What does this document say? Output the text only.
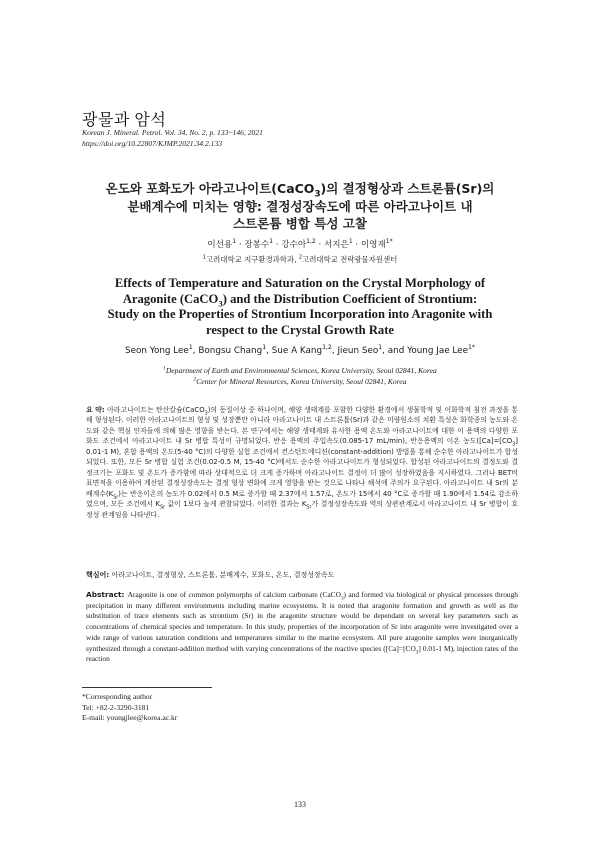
광물과 암석
Korean J. Mineral. Petrol. Vol. 34, No. 2, p. 133~146, 2021
https://doi.org/10.22807/KJMP.2021.34.2.133
온도와 포화도가 아라고나이트(CaCO$_3$)의 결정형상과 스트론튬(Sr)의
분배계수에 미치는 영향: 결정성장속도에 따른 아라고나이트 내
스트론튬 병합 특성 고찰
이선용$^1$ · 장봉수$^1$ · 강수아$^{1,2}$ · 서지은$^1$ · 이영재$^{1*}$
$^1$고려대학교 지구환경과학과, $^2$고려대학교 전략광물자원센터
Effects of Temperature and Saturation on the Crystal Morphology of
Aragonite (CaCO$_3$) and the Distribution Coefficient of Strontium:
Study on the Properties of Strontium Incorporation into Aragonite with
respect to the Crystal Growth Rate
Seon Yong Lee$^1$, Bongsu Chang$^1$, Sue A Kang$^{1,2}$, Jieun Seo$^1$, and Young Jae Lee$^{1*}$
$^1$Department of Earth and Environmental Sciences, Korea University, Seoul 02841, Korea
$^2$Center for Mineral Resources, Korea University, Seoul 02841, Korea
요 약: 아라고나이트는 탄산칼슘(CaCO$_3$)의 동질이상 중 하나이며, 해양 생태계를 포함한 다양한 환경에서 생물학적 및 이화학적 침전 과정을 통해 형성된다. 이러한 아라고나이트의 형성 및 성장뿐만 아니라 아라고나이트 내 스트론튬(Sr)과 같은 미량원소의 치환 특성은 화학종의 농도와 온도와 같은 핵심 인자들에 의해 많은 영향을 받는다. 본 연구에서는 해양 생태계와 유사한 용액 온도와 아라고나이트에 대한 이 용액의 다양한 포화도 조건에서 아라고나이트 내 Sr 병합 특성이 규명되었다. 반응 용액의 주입속도(0.085-17 mL/min), 반응용액의 이온 농도($[Ca]=[CO_3]$ 0.01-1 M), 혼합 용액의 온도(5-40 °C)의 다양한 실험 조건에서 컨스턴트에디션(constant-addition) 방법을 통해 순수한 아라고나이트가 합성되었다. 또한, 모든 Sr 병합 실험 조건(0.02-0.5 M, 15-40 °C)에서도 순수한 아라고나이트가 형성되었다. 합성된 아라고나이트의 결정도와 결정크기는 포화도 및 온도가 증가함에 따라 상대적으로 더 크게 증가하며 아라고나이트 결정이 더 많이 성장하였음을 지시하였다. 그러나 BET비표면적을 이용하여 계산된 결정성장속도는 결정 형상 변화에 크게 영향을 받는 것으로 나타나 해석에 주의가 요구된다. 아라고나이트 내 Sr의 분배계수$(K_{Sr})$는 반응이온의 농도가 0.02에서 0.5 M로 증가할 때 2.37에서 1.57로, 온도가 15에서 40 °C로 증가할 때 1.90에서 1.54로 감소하였으며, 모든 조건에서 $K_{Sr}$ 값이 1보다 높게 관찰되었다. 이러한 결과는 $K_{Sr}$가 결정성장속도와 역의 상관관계로서 아라고나이트 내 Sr 병합이 호정성 관계임을 나타낸다.
핵심어: 아라고나이트, 결정형상, 스트론튬, 분배계수, 포화도, 온도, 결정성장속도
Abstract: Aragonite is one of common polymorphs of calcium carbonate (CaCO$_3$) and formed via biological or physical processes through precipitation in many different environments including marine ecosystems. It is noted that aragonite formation and growth as well as the substitution of trace elements such as strontium (Sr) in the aragonite structure would be dependant on several key parameters such as concentrations of chemical species and temperature. In this study, properties of the incorporation of Sr into aragonite were investigated over a wide range of various saturation conditions and temperatures similar to the marine ecosystem. All pure aragonite samples were inorganically synthesized through a constant-addition method with varying concentrations of the reactive species ($[Ca]=[CO_3]$ 0.01-1 M), injection rates of the reaction
*Corresponding author
Tel: +82-2-3290-3181
E-mail: youngjlee@korea.ac.kr
133
